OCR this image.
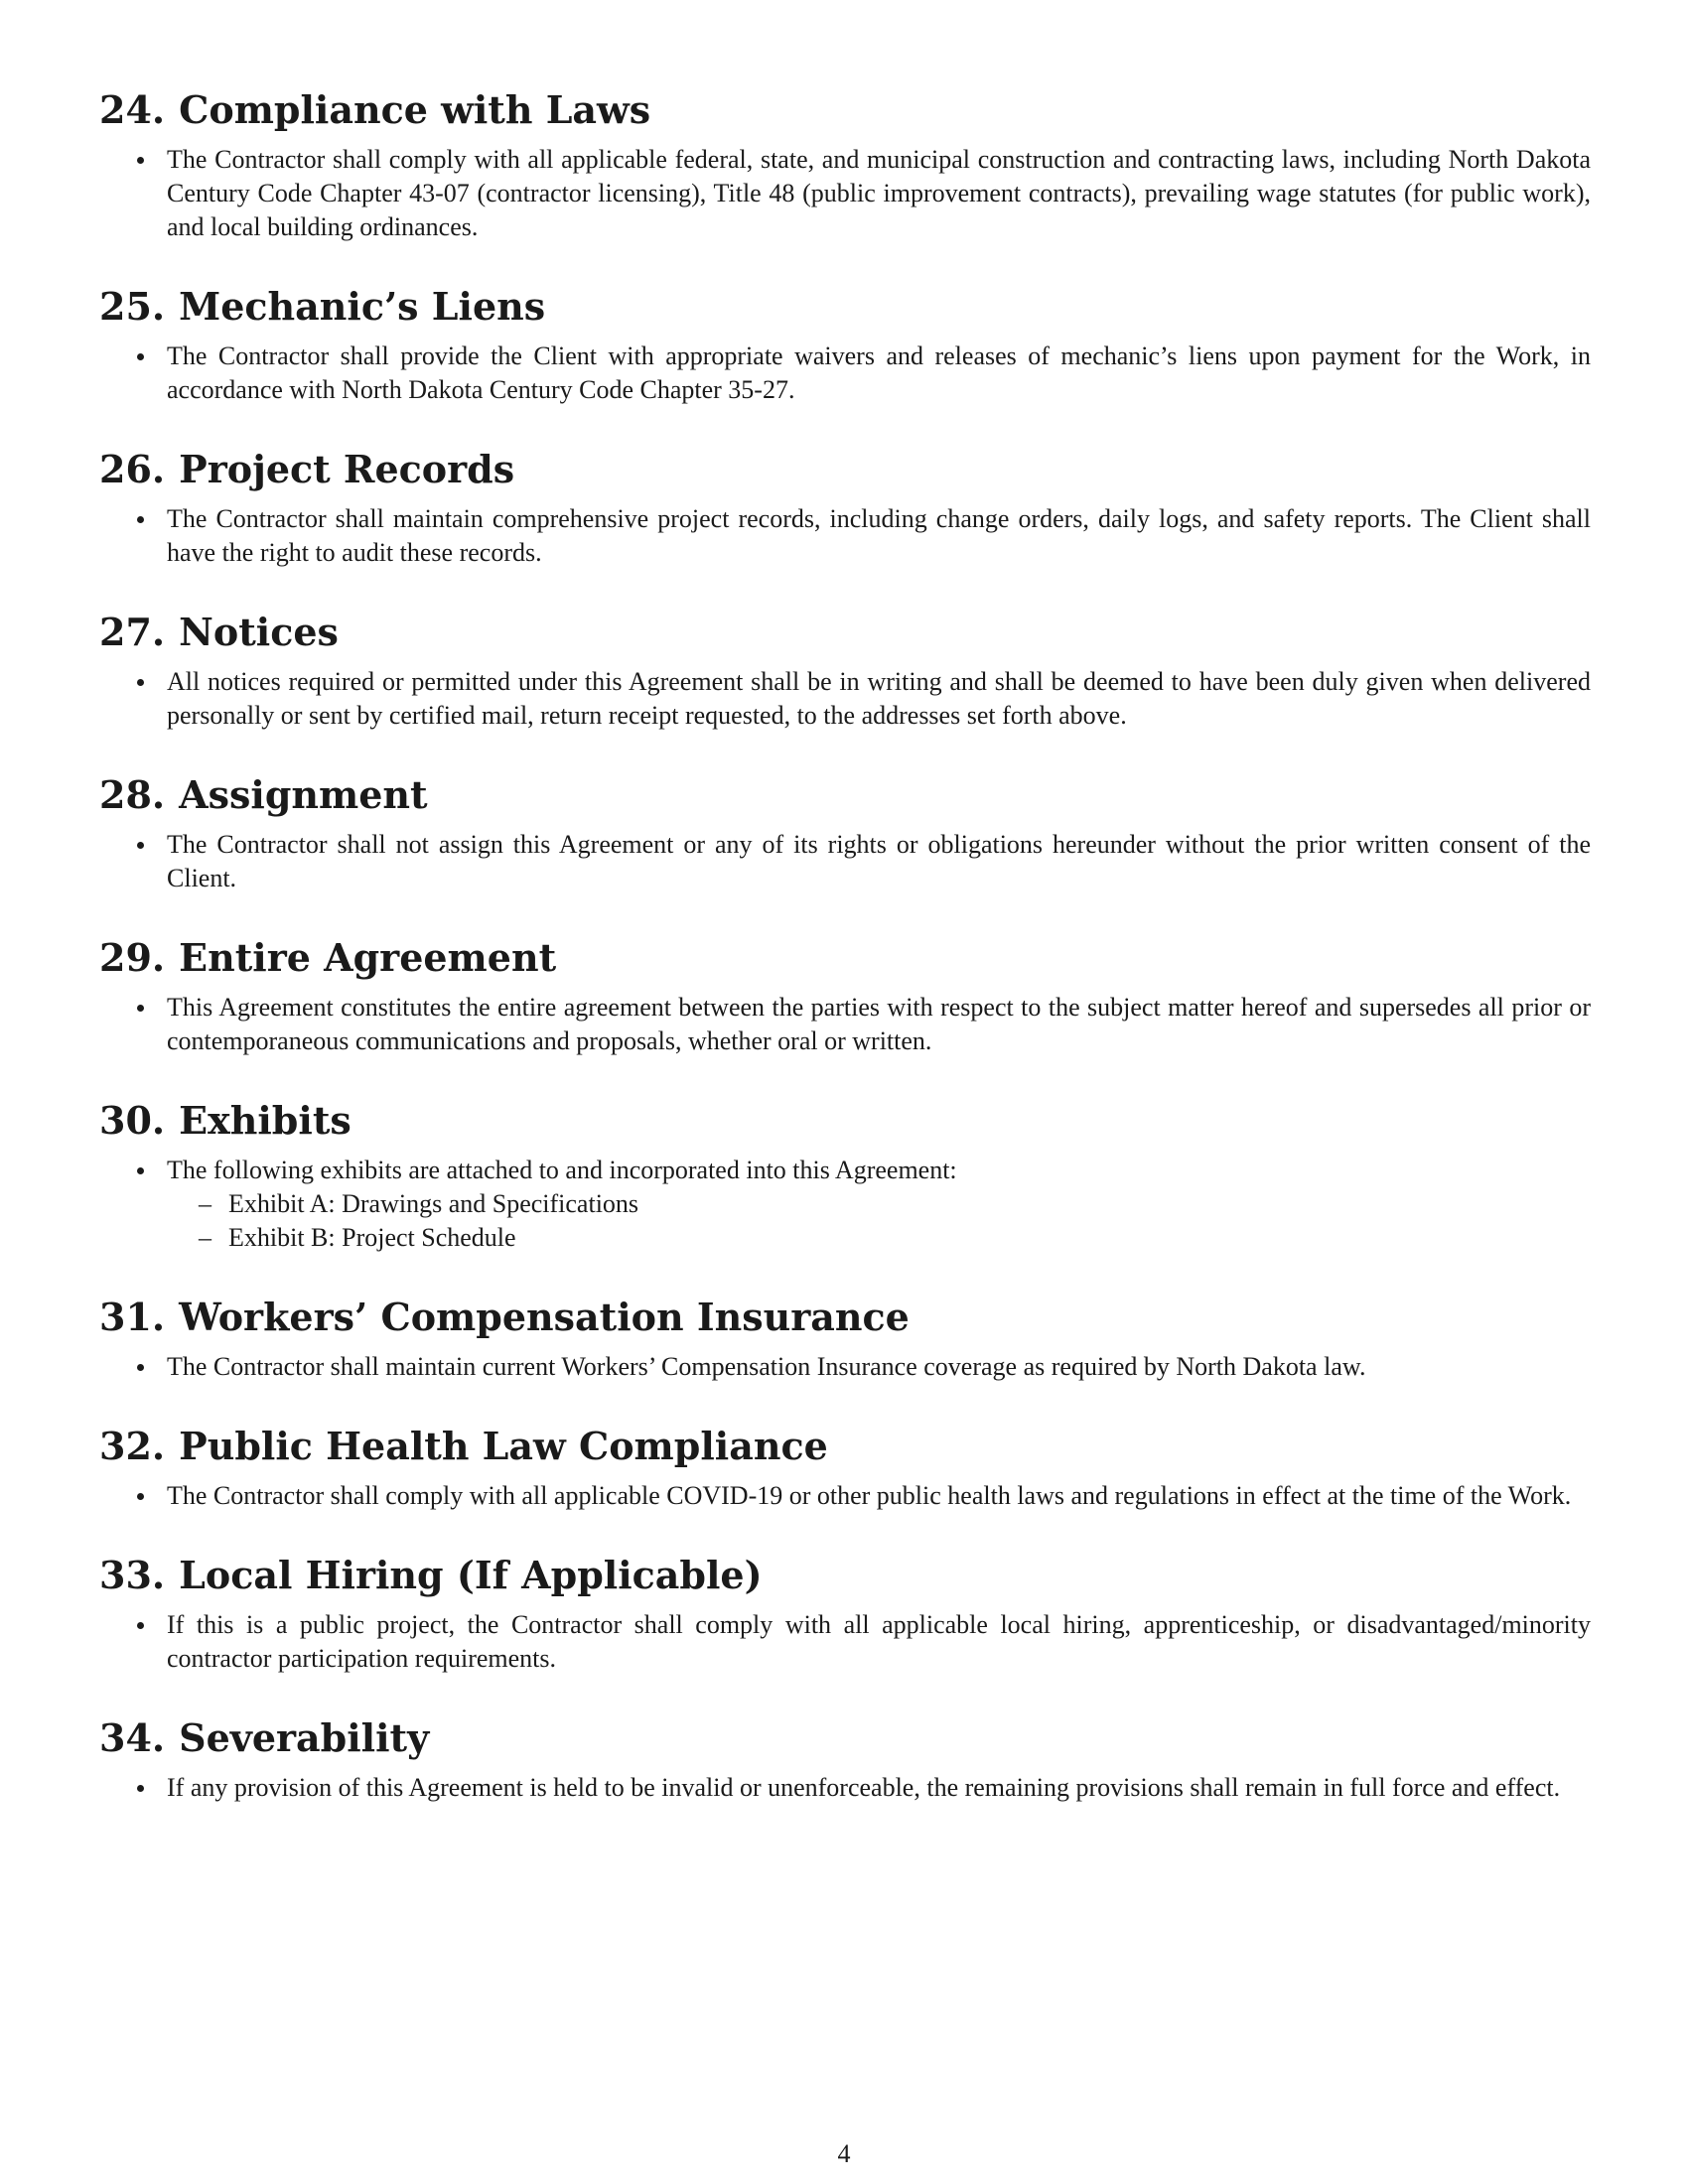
24. Compliance with Laws
The Contractor shall comply with all applicable federal, state, and municipal construction and contracting laws, including North Dakota Century Code Chapter 43-07 (contractor licensing), Title 48 (public improvement contracts), prevailing wage statutes (for public work), and local building ordinances.
25. Mechanic’s Liens
The Contractor shall provide the Client with appropriate waivers and releases of mechanic’s liens upon payment for the Work, in accordance with North Dakota Century Code Chapter 35-27.
26. Project Records
The Contractor shall maintain comprehensive project records, including change orders, daily logs, and safety reports. The Client shall have the right to audit these records.
27. Notices
All notices required or permitted under this Agreement shall be in writing and shall be deemed to have been duly given when delivered personally or sent by certified mail, return receipt requested, to the addresses set forth above.
28. Assignment
The Contractor shall not assign this Agreement or any of its rights or obligations hereunder without the prior written consent of the Client.
29. Entire Agreement
This Agreement constitutes the entire agreement between the parties with respect to the subject matter hereof and supersedes all prior or contemporaneous communications and proposals, whether oral or written.
30. Exhibits
The following exhibits are attached to and incorporated into this Agreement:
– Exhibit A: Drawings and Specifications
– Exhibit B: Project Schedule
31. Workers’ Compensation Insurance
The Contractor shall maintain current Workers’ Compensation Insurance coverage as required by North Dakota law.
32. Public Health Law Compliance
The Contractor shall comply with all applicable COVID-19 or other public health laws and regulations in effect at the time of the Work.
33. Local Hiring (If Applicable)
If this is a public project, the Contractor shall comply with all applicable local hiring, apprenticeship, or disadvantaged/minority contractor participation requirements.
34. Severability
If any provision of this Agreement is held to be invalid or unenforceable, the remaining provisions shall remain in full force and effect.
4
